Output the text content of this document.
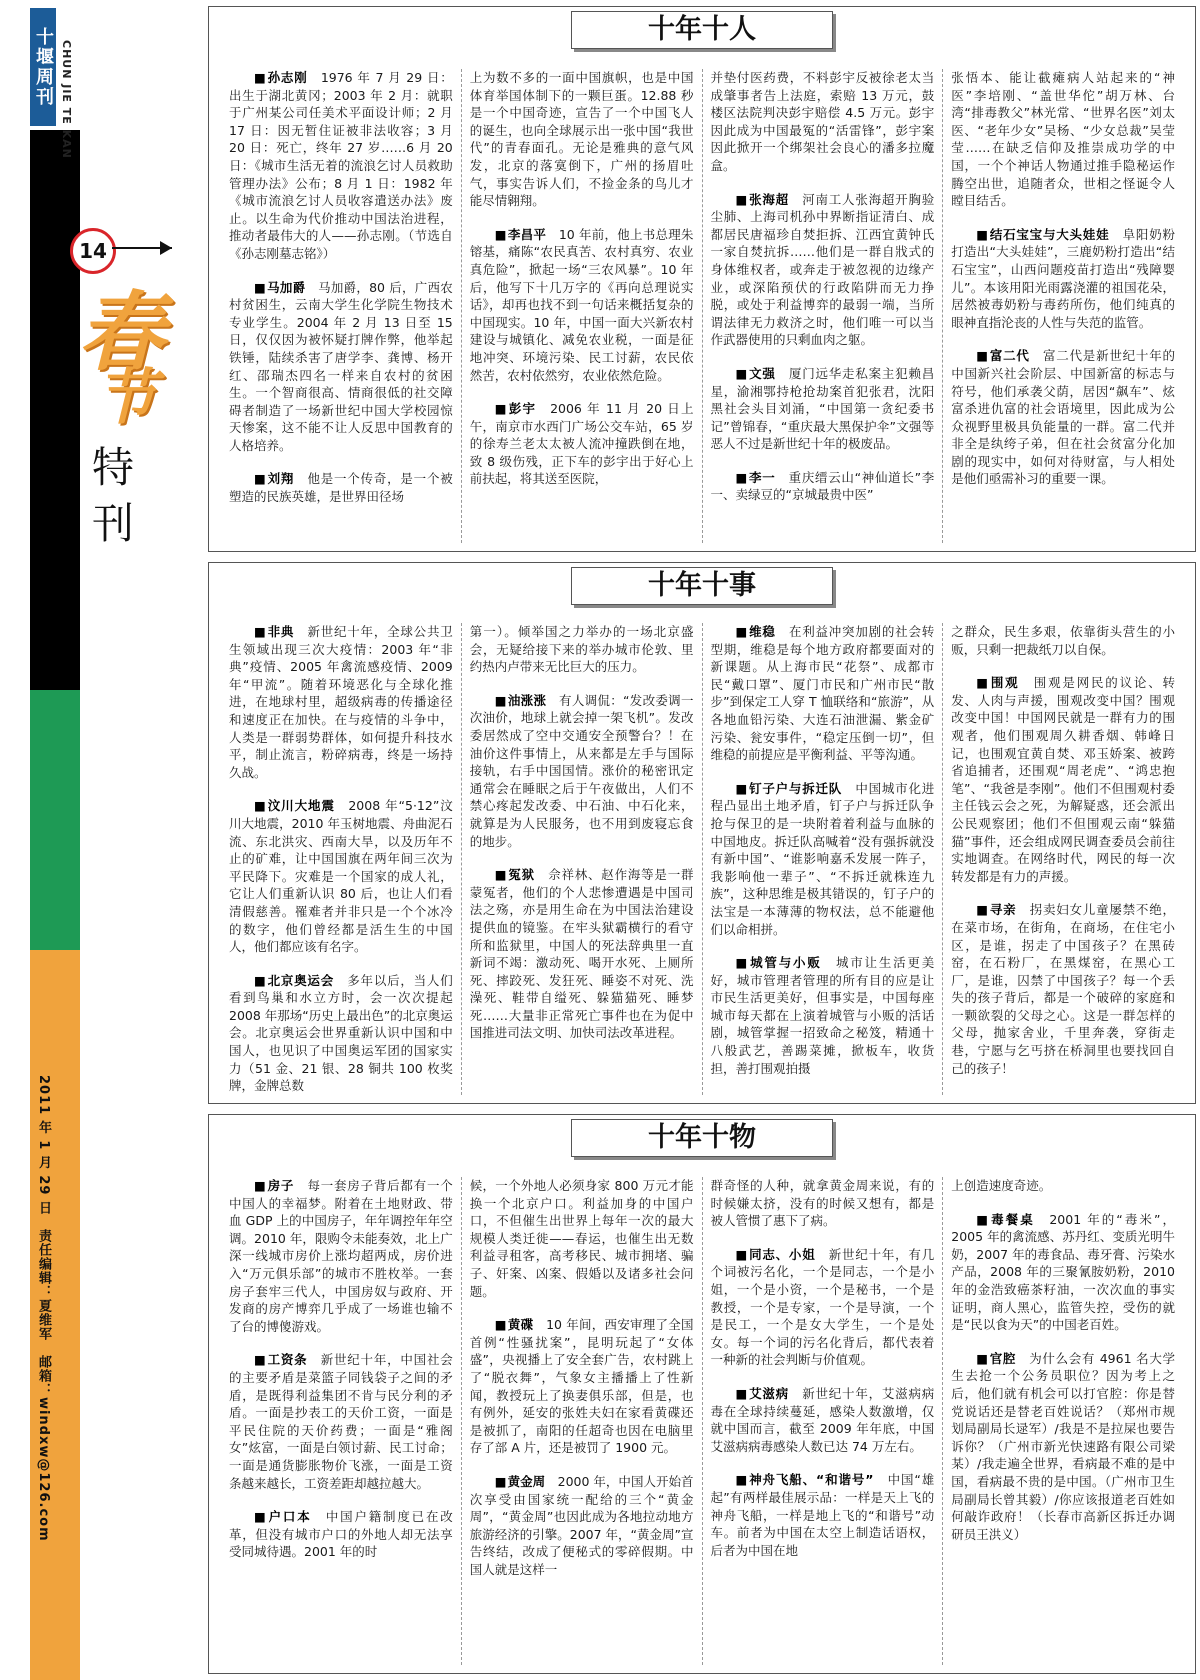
十堰周刊 CHUN JIE TE KAN
14
春
节
特
刊
2011 年 1 月 29 日　责任编辑：夏维军　邮箱：windxw@126.com
十年十人

■ 孙志刚　 1976 年 7 月 29 日：出生于湖北黄冈；2003 年 2 月：就职于广州某公司任美术平面设计师；2 月 17 日：因无暂住证被非法收容；3 月 20 日：死亡，终年 27 岁……6 月 20 日：《城市生活无着的流浪乞讨人员救助管理办法》公布；8 月 1 日：1982 年《城市流浪乞讨人员收容遣送办法》废止。以生命为代价推动中国法治进程，推动者最伟大的人——孙志刚。（节选自《孙志刚墓志铭》）

■ 马加爵　 马加爵，80 后，广西农村贫困生，云南大学生化学院生物技术专业学生。2004 年 2 月 13 日至 15 日，仅仅因为被怀疑打牌作弊，他举起铁锤，陆续杀害了唐学李、龚博、杨开红、邵瑞杰四名一样来自农村的贫困生。一个智商很高、情商很低的社交障碍者制造了一场新世纪中国大学校园惊天惨案，这不能不让人反思中国教育的人格培养。

■ 刘翔　 他是一个传奇，是一个被塑造的民族英雄，是世界田径场

上为数不多的一面中国旗帜，也是中国体育举国体制下的一颗巨蛋。12.88 秒是一个中国奇迹，宣告了一个中国飞人的诞生，也向全球展示出一张中国“我世代”的青春面孔。无论是雅典的意气风发，北京的落寞倒下，广州的扬眉吐气，事实告诉人们，不捡金条的鸟儿才能尽情翱翔。

■ 李昌平　 10 年前，他上书总理朱镕基，痛陈“农民真苦、农村真穷、农业真危险”，掀起一场“三农风暴”。10 年后，他写下十几万字的《再向总理说实话》，却再也找不到一句话来概括复杂的中国现实。10 年，中国一面大兴新农村建设与城镇化、减免农业税，一面是征地冲突、环境污染、民工讨薪，农民依然苦，农村依然穷，农业依然危险。

■ 彭宇　 2006 年 11 月 20 日上午，南京市水西门广场公交车站，65 岁的徐寿兰老太太被人流冲撞跌倒在地，致 8 级伤残，正下车的彭宇出于好心上前扶起，将其送至医院，

并垫付医药费，不料彭宇反被徐老太当成肇事者告上法庭，索赔 13 万元，鼓楼区法院判决彭宇赔偿 4.5 万元。彭宇因此成为中国最冤的“活雷锋”，彭宇案因此掀开一个绑架社会良心的潘多拉魔盒。

■ 张海超　 河南工人张海超开胸验尘肺、上海司机孙中界断指证清白、成都居民唐福珍自焚拒拆、江西宜黄钟氏一家自焚抗拆……他们是一群自戕式的身体维权者，或奔走于被忽视的边缘产业，或深陷预伏的行政陷阱而无力挣脱，或处于利益博弈的最弱一端，当所谓法律无力救济之时，他们唯一可以当作武器使用的只剩血肉之躯。

■ 文强　 厦门远华走私案主犯赖昌星，渝湘鄂持枪抢劫案首犯张君，沈阳黑社会头目刘涌，“中国第一贪纪委书记”曾锦春，“重庆最大黑保护伞”文强等恶人不过是新世纪十年的极废品。

■ 李一　 重庆缙云山“神仙道长”李一、卖绿豆的“京城最贵中医”

张悟本、能让截瘫病人站起来的“神医”李培刚、“盖世华佗”胡万林、台湾“排毒教父”林光常、“世界名医”刘太医、“老年少女”吴杨、“少女总裁”吴莹莹……在缺乏信仰及推崇成功学的中国，一个个神话人物通过推手隐秘运作腾空出世，追随者众，世相之怪诞令人瞠目结舌。

■ 结石宝宝与大头娃娃　 阜阳奶粉打造出“大头娃娃”，三鹿奶粉打造出“结石宝宝”，山西问题疫苗打造出“残障婴儿”。本该用阳光雨露浇灌的祖国花朵，居然被毒奶粉与毒药所伤，他们纯真的眼神直指沦丧的人性与失范的监管。

■ 富二代　 富二代是新世纪十年的中国新兴社会阶层、中国新富的标志与符号，他们承袭父荫，居因“飙车”、炫富杀进仇富的社会语境里，因此成为公众视野里极具负能量的一群。富二代并非全是纨绔子弟，但在社会贫富分化加剧的现实中，如何对待财富，与人相处是他们亟需补习的重要一课。

十年十事

■ 非典　 新世纪十年，全球公共卫生领域出现三次大疫情：2003 年“非典”疫情、2005 年禽流感疫情、2009 年“甲流”。随着环境恶化与全球化推进，在地球村里，超级病毒的传播途径和速度正在加快。在与疫情的斗争中，人类是一群弱势群体，如何提升科技水平，制止流言，粉碎病毒，终是一场持久战。

■ 汶川大地震　 2008 年“5·12”汶川大地震，2010 年玉树地震、舟曲泥石流、东北洪灾、西南大旱，以及历年不止的矿难，让中国国旗在两年间三次为平民降下。灾难是一个国家的成人礼，它让人们重新认识 80 后，也让人们看清假慈善。罹难者并非只是一个个冰冷的数字，他们曾经都是活生生的中国人，他们都应该有名字。

■ 北京奥运会　 多年以后，当人们看到鸟巢和水立方时，会一次次提起 2008 年那场“历史上最出色”的北京奥运会。北京奥运会世界重新认识中国和中国人，也见识了中国奥运军团的国家实力（51 金、21 银、28 铜共 100 枚奖牌，金牌总数

第一）。倾举国之力举办的一场北京盛会，无疑给接下来的举办城市伦敦、里约热内卢带来无比巨大的压力。

■ 油涨涨　 有人调侃：“发改委调一次油价，地球上就会掉一架飞机”。发改委居然成了空中交通安全预警台？！在油价这件事情上，从来都是左手与国际接轨，右手中国国情。涨价的秘密讯定通常会在睡眠之后于午夜做出，人们不禁心疼起发改委、中石油、中石化来，就算是为人民服务，也不用到废寝忘食的地步。

■ 冤狱　 佘祥林、赵作海等是一群蒙冤者，他们的个人悲惨遭遇是中国司法之殇，亦是用生命在为中国法治建设提供血的镜鉴。在牢头狱霸横行的看守所和监狱里，中国人的死法辞典里一直新词不竭：激动死、喝开水死、上厕所死、摔跤死、发狂死、睡姿不对死、洗澡死、鞋带自缢死、躲猫猫死、睡梦死……大量非正常死亡事件也在为促中国推进司法文明、加快司法改革进程。

■ 维稳　 在利益冲突加剧的社会转型期，维稳是每个地方政府都要面对的新课题。从上海市民“花祭”、成都市民“戴口罩”、厦门市民和广州市民“散步”到保定工人穿 T 恤联络和“旅游”，从各地血铅污染、大连石油泄漏、紫金矿污染、瓮安事件，“稳定压倒一切”，但维稳的前提应是平衡利益、平等沟通。

■ 钉子户与拆迁队　 中国城市化进程凸显出土地矛盾，钉子户与拆迁队争抢与保卫的是一块附着着利益与血脉的中国地皮。拆迁队高喊着“没有强拆就没有新中国”、“谁影响嘉禾发展一阵子，我影响他一辈子”、“不拆迁就株连九族”，这种思维是极其错误的，钉子户的法宝是一本薄薄的物权法，总不能避他们以命相拼。

■ 城管与小贩　 城市让生活更美好，城市管理者管理的所有目的应是让市民生活更美好，但事实是，中国每座城市每天都在上演着城管与小贩的活话剧，城管掌握一招致命之秘笈，精通十八般武艺，善踢菜摊，掀板车，收货担，善打围观拍摄

之群众，民生多艰，依靠街头营生的小贩，只剩一把裁纸刀以自保。

■ 围观　 围观是网民的议论、转发、人肉与声援，围观改变中国？围观改变中国！中国网民就是一群有力的围观者，他们围观周久耕香烟、韩峰日记，也围观宜黄自焚、邓玉娇案、被跨省追捕者，还围观“周老虎”、“鸿忠抱笔”、“我爸是李刚”。他们不但围观村委主任钱云会之死，为解疑惑，还会派出公民观察团；他们不但围观云南“躲猫猫”事件，还会组成网民调查委员会前往实地调查。在网络时代，网民的每一次转发都是有力的声援。

■ 寻亲　 拐卖妇女儿童屡禁不绝，在菜市场，在街角，在商场，在住宅小区，是谁，拐走了中国孩子？在黑砖窑，在石粉厂，在黑煤窑，在黑心工厂，是谁，囚禁了中国孩子？每一个丢失的孩子背后，都是一个破碎的家庭和一颗欲裂的父母之心。这是一群怎样的父母，抛家舍业，千里奔袭，穿街走巷，宁愿与乞丐挤在桥洞里也要找回自己的孩子！

十年十物

■ 房子　 每一套房子背后都有一个中国人的幸福梦。附着在土地财政、带血 GDP 上的中国房子，年年调控年年空调。2010 年，限购令未能奏效，北上广深一线城市房价上涨均超两成，房价进入“万元俱乐部”的城市不胜枚举。一套房子套牢三代人，中国房奴与政府、开发商的房产博弈几乎成了一场谁也输不了台的博傻游戏。

■ 工资条　 新世纪十年，中国社会的主要矛盾是菜篮子同钱袋子之间的矛盾，是既得利益集团不肯与民分利的矛盾。一面是抄表工的天价工资，一面是平民住院的天价药费；一面是“雅阁女”炫富，一面是白领讨薪、民工讨命；一面是通货膨胀物价飞涨，一面是工资条越来越长，工资差距却越拉越大。

■ 户口本　 中国户籍制度已在改革，但没有城市户口的外地人却无法享受同城待遇。2001 年的时

候，一个外地人必须身家 800 万元才能换一个北京户口。利益加身的中国户口，不但催生出世界上每年一次的最大规模人类迁徙——春运，也催生出无数利益寻租客，高考移民、城市拥堵、骗子、奸案、凶案、假婚以及诸多社会问题。

■ 黄碟　 10 年间，西安审理了全国首例“性骚扰案”，昆明玩起了“女体盛”，央视播上了安全套广告，农村跳上了“脱衣舞”，气象女主播播上了性新闻，教授玩上了换妻俱乐部，但是，也有例外，延安的张姓夫妇在家看黄碟还是被抓了，南阳的任超奇也因在电脑里存了部 A 片，还是被罚了 1900 元。

■ 黄金周　 2000 年，中国人开始首次享受由国家统一配给的三个“黄金周”，“黄金周”也因此成为各地拉动地方旅游经济的引擎。2007 年，“黄金周”宣告终结，改成了便秘式的零碎假期。中国人就是这样一

群奇怪的人种，就拿黄金周来说，有的时候嫌太挤，没有的时候又想有，都是被人管惯了惠下了病。

■ 同志、小姐　 新世纪十年，有几个词被污名化，一个是同志，一个是小姐，一个是小资，一个是秘书，一个是教授，一个是专家，一个是导演，一个是民工，一个是女大学生，一个是处女。每一个词的污名化背后，都代表着一种新的社会判断与价值观。

■ 艾滋病　 新世纪十年，艾滋病病毒在全球持续蔓延，感染人数激增，仅就中国而言，截至 2009 年年底，中国艾滋病病毒感染人数已达 74 万左右。

■ 神舟飞船、“和谐号”　 中国“雄起”有两样最佳展示品：一样是天上飞的神舟飞船，一样是地上飞的“和谐号”动车。前者为中国在太空上制造话语权，后者为中国在地

上创造速度奇迹。

■ 毒餐桌　 2001 年的“毒米”，2005 年的禽流感、苏丹红、变质光明牛奶，2007 年的毒食品、毒牙膏、污染水产品，2008 年的三聚氰胺奶粉，2010 年的金浩致癌茶籽油，一次次血的事实证明，商人黑心，监管失控，受伤的就是“民以食为天”的中国老百姓。

■ 官腔　 为什么会有 4961 名大学生去抢一个公务员职位？因为考上之后，他们就有机会可以打官腔：你是替党说话还是替老百姓说话？（郑州市规划局副局长逯军）/我是不是拉屎也要告诉你？（广州市新光快速路有限公司梁某）/我走遍全世界，看病最不难的是中国，看病最不贵的是中国。（广州市卫生局副局长曾其毅）/你应该报道老百姓如何敲诈政府！（长春市高新区拆迁办调研员王洪义）
